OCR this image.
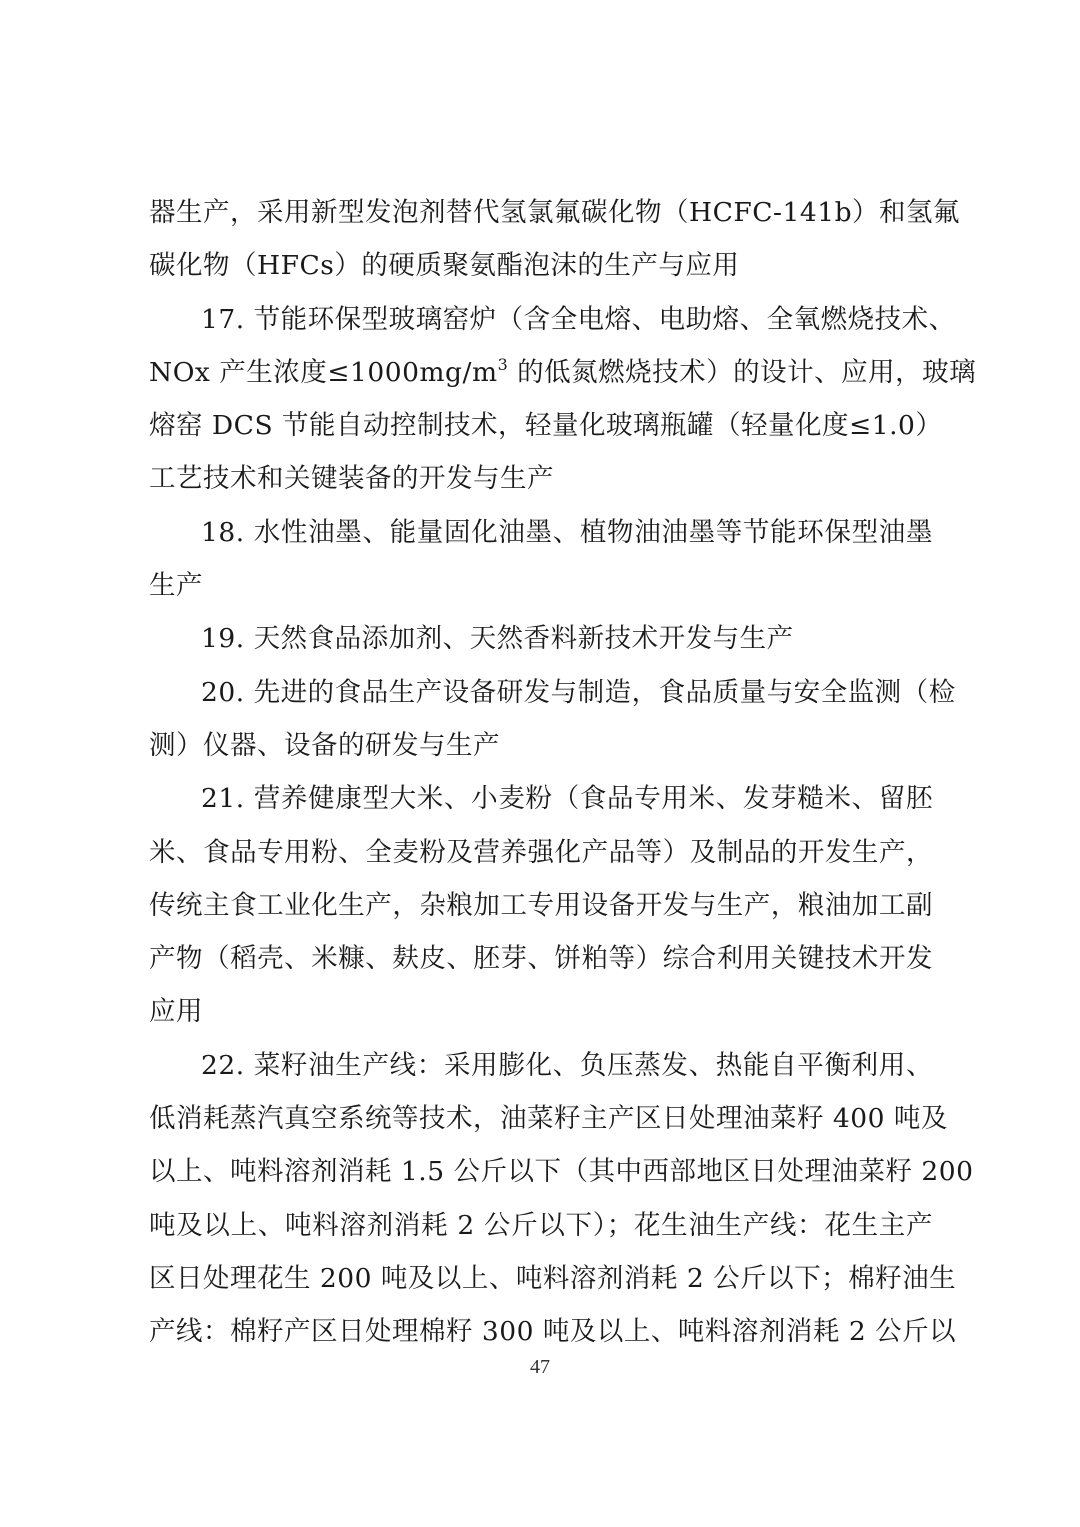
器生产，采用新型发泡剂替代氢氯氟碳化物（HCFC-141b）和氢氟
碳化物（HFCs）的硬质聚氨酯泡沫的生产与应用
17. 节能环保型玻璃窑炉（含全电熔、电助熔、全氧燃烧技术、
NOx 产生浓度$\le 1000mg/m^3$ 的低氮燃烧技术）的设计、应用，玻璃
熔窑 DCS 节能自动控制技术，轻量化玻璃瓶罐（轻量化度≤1.0）
工艺技术和关键装备的开发与生产
18. 水性油墨、能量固化油墨、植物油油墨等节能环保型油墨
生产
19. 天然食品添加剂、天然香料新技术开发与生产
20. 先进的食品生产设备研发与制造，食品质量与安全监测（检
测）仪器、设备的研发与生产
21. 营养健康型大米、小麦粉（食品专用米、发芽糙米、留胚
米、食品专用粉、全麦粉及营养强化产品等）及制品的开发生产，
传统主食工业化生产，杂粮加工专用设备开发与生产，粮油加工副
产物（稻壳、米糠、麸皮、胚芽、饼粕等）综合利用关键技术开发
应用
22. 菜籽油生产线：采用膨化、负压蒸发、热能自平衡利用、
低消耗蒸汽真空系统等技术，油菜籽主产区日处理油菜籽 400 吨及
以上、吨料溶剂消耗 1.5 公斤以下（其中西部地区日处理油菜籽 200
吨及以上、吨料溶剂消耗 2 公斤以下）；花生油生产线：花生主产
区日处理花生 200 吨及以上、吨料溶剂消耗 2 公斤以下；棉籽油生
产线：棉籽产区日处理棉籽 300 吨及以上、吨料溶剂消耗 2 公斤以
47
